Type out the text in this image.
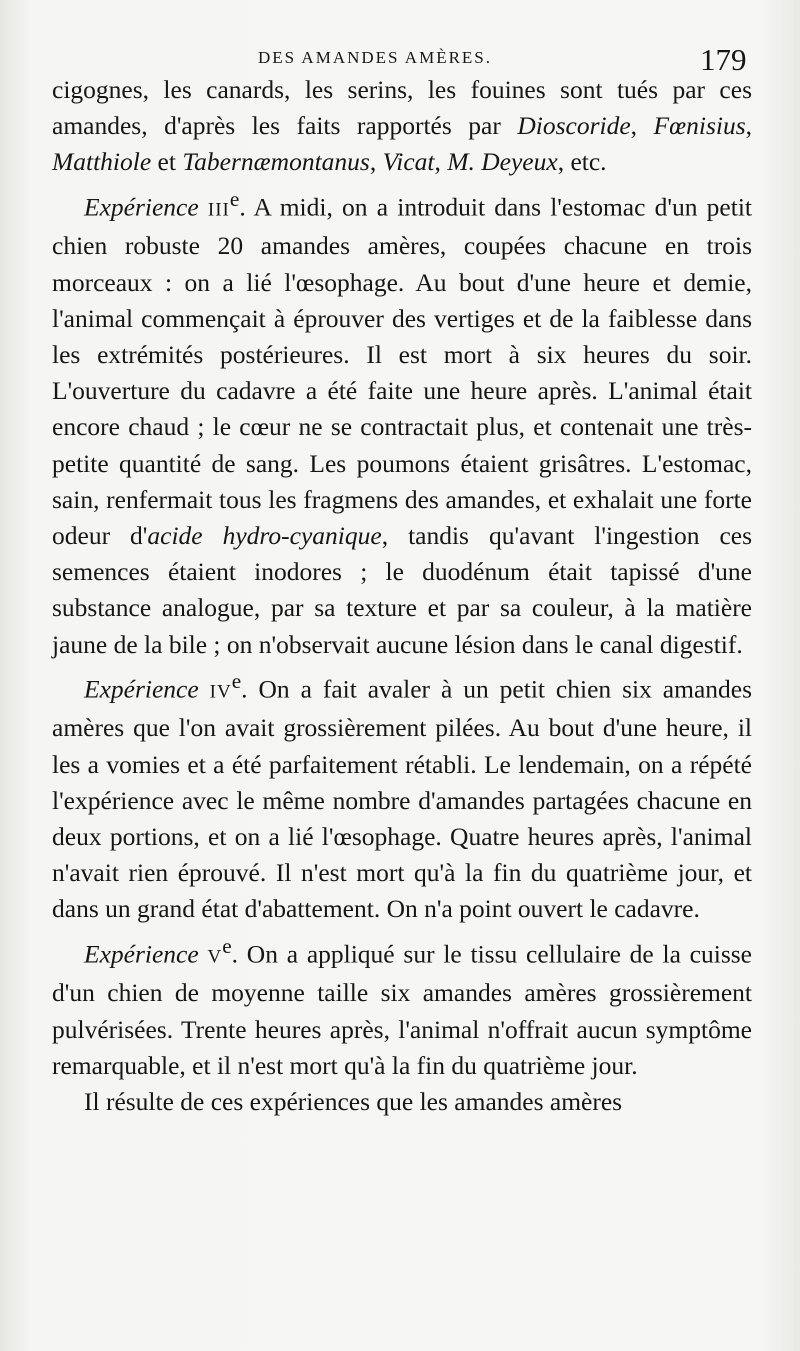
DES AMANDES AMÈRES.	179

cigognes, les canards, les serins, les fouines sont tués par ces amandes, d'après les faits rapportés par Dioscoride, Fœnisius, Matthiole et Tabernæmontanus, Vicat, M. Deyeux, etc.

Expérience IIIe. A midi, on a introduit dans l'estomac d'un petit chien robuste 20 amandes amères, coupées chacune en trois morceaux : on a lié l'œsophage. Au bout d'une heure et demie, l'animal commençait à éprouver des vertiges et de la faiblesse dans les extrémités postérieures. Il est mort à six heures du soir. L'ouverture du cadavre a été faite une heure après. L'animal était encore chaud ; le cœur ne se contractait plus, et contenait une très-petite quantité de sang. Les poumons étaient grisâtres. L'estomac, sain, renfermait tous les fragmens des amandes, et exhalait une forte odeur d'acide hydro-cyanique, tandis qu'avant l'ingestion ces semences étaient inodores ; le duodénum était tapissé d'une substance analogue, par sa texture et par sa couleur, à la matière jaune de la bile ; on n'observait aucune lésion dans le canal digestif.

Expérience IVe. On a fait avaler à un petit chien six amandes amères que l'on avait grossièrement pilées. Au bout d'une heure, il les a vomies et a été parfaitement rétabli. Le lendemain, on a répété l'expérience avec le même nombre d'amandes partagées chacune en deux portions, et on a lié l'œsophage. Quatre heures après, l'animal n'avait rien éprouvé. Il n'est mort qu'à la fin du quatrième jour, et dans un grand état d'abattement. On n'a point ouvert le cadavre.

Expérience Ve. On a appliqué sur le tissu cellulaire de la cuisse d'un chien de moyenne taille six amandes amères grossièrement pulvérisées. Trente heures après, l'animal n'offrait aucun symptôme remarquable, et il n'est mort qu'à la fin du quatrième jour.

Il résulte de ces expériences que les amandes amères
